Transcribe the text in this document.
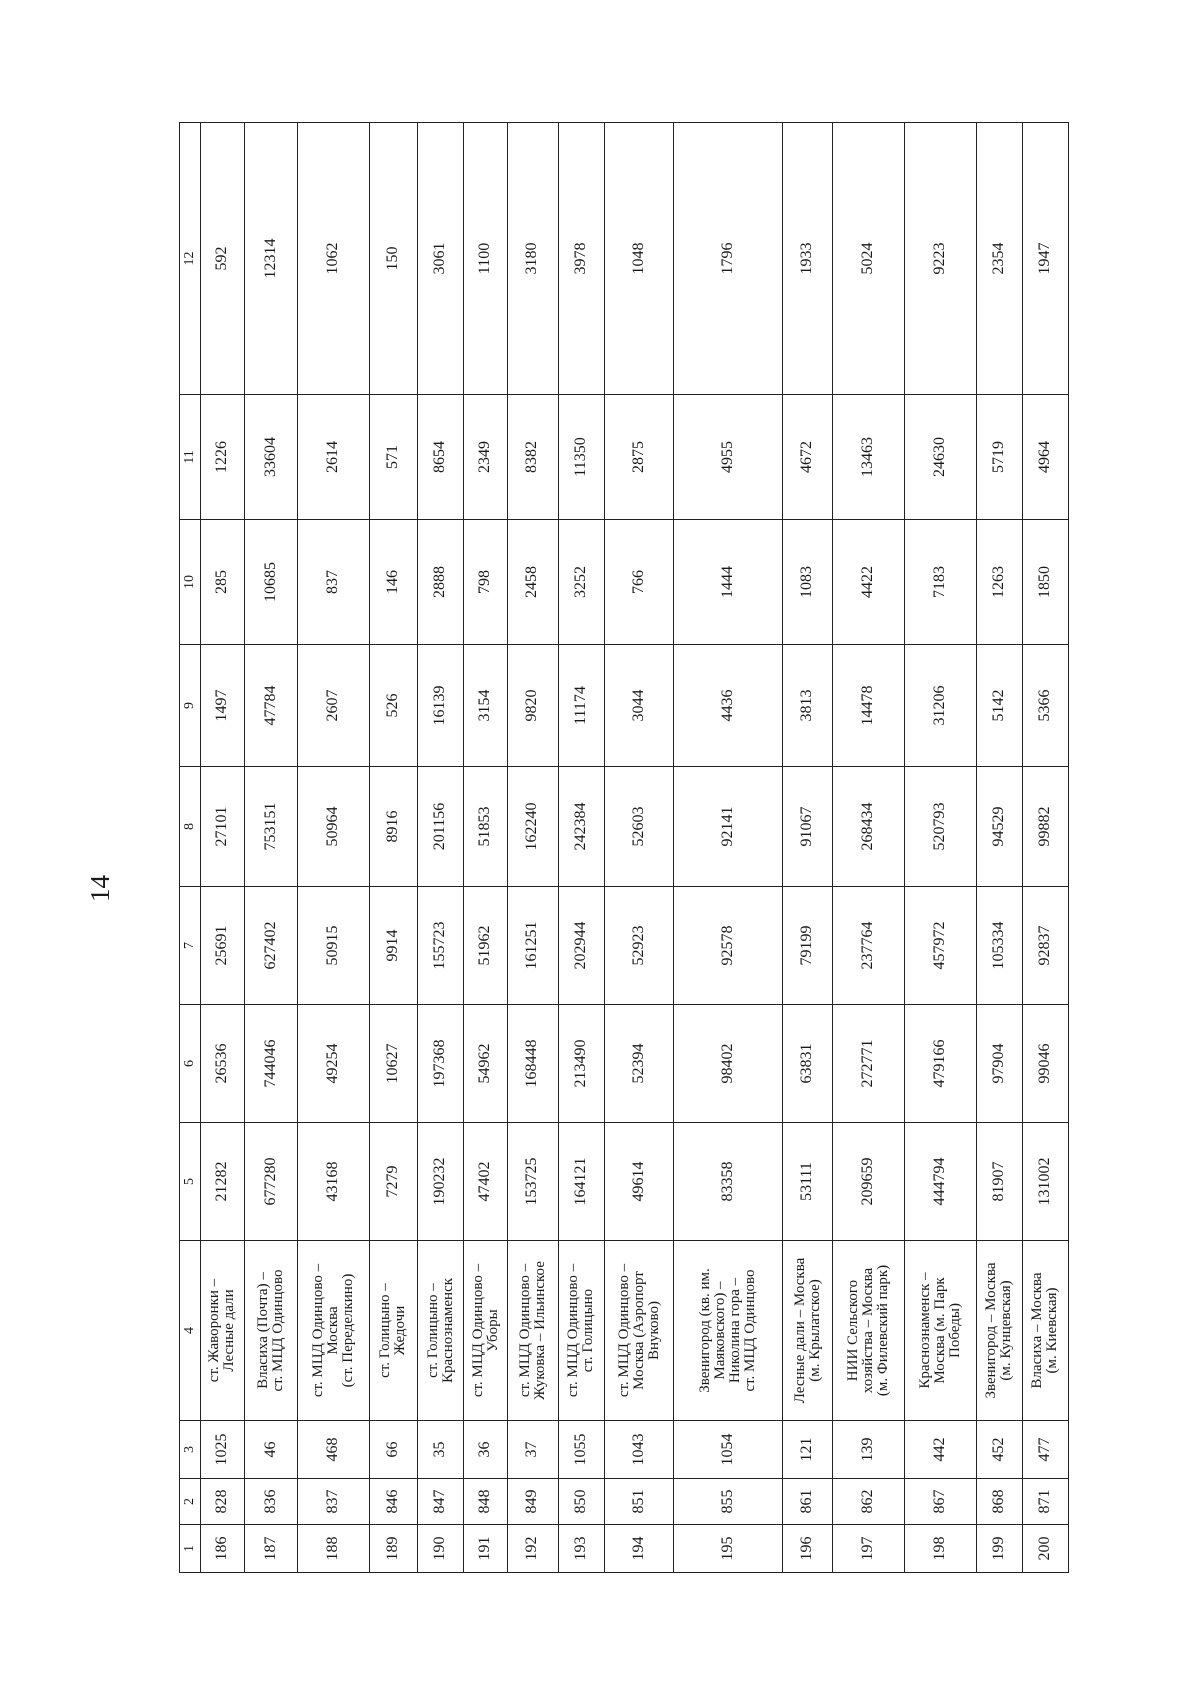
14
1	2	3	4	5	6	7	8	9	10	11	12
186	828	1025	ст. Жаворонки – Лесные дали	21282	26536	25691	27101	1497	285	1226	592
187	836	46	Власиха (Почта) – ст. МЦД Одинцово	677280	744046	627402	753151	47784	10685	33604	12314
188	837	468	ст. МЦД Одинцово – Москва (ст. Переделкино)	43168	49254	50915	50964	2607	837	2614	1062
189	846	66	ст. Голицыно – Жедочи	7279	10627	9914	8916	526	146	571	150
190	847	35	ст. Голицыно – Краснознаменск	190232	197368	155723	201156	16139	2888	8654	3061
191	848	36	ст. МЦД Одинцово – Уборы	47402	54962	51962	51853	3154	798	2349	1100
192	849	37	ст. МЦД Одинцово – Жуковка – Ильинское	153725	168448	161251	162240	9820	2458	8382	3180
193	850	1055	ст. МЦД Одинцово – ст. Голицыно	164121	213490	202944	242384	11174	3252	11350	3978
194	851	1043	ст. МЦД Одинцово – Москва (Аэропорт Внуково)	49614	52394	52923	52603	3044	766	2875	1048
195	855	1054	Звенигород (кв. им. Маяковского) – Николина гора – ст. МЦД Одинцово	83358	98402	92578	92141	4436	1444	4955	1796
196	861	121	Лесные дали – Москва (м. Крылатское)	53111	63831	79199	91067	3813	1083	4672	1933
197	862	139	НИИ Сельского хозяйства – Москва (м. Филевский парк)	209659	272771	237764	268434	14478	4422	13463	5024
198	867	442	Краснознаменск – Москва (м. Парк Победы)	444794	479166	457972	520793	31206	7183	24630	9223
199	868	452	Звенигород – Москва (м. Кунцевская)	81907	97904	105334	94529	5142	1263	5719	2354
200	871	477	Власиха – Москва (м. Киевская)	131002	99046	92837	99882	5366	1850	4964	1947
